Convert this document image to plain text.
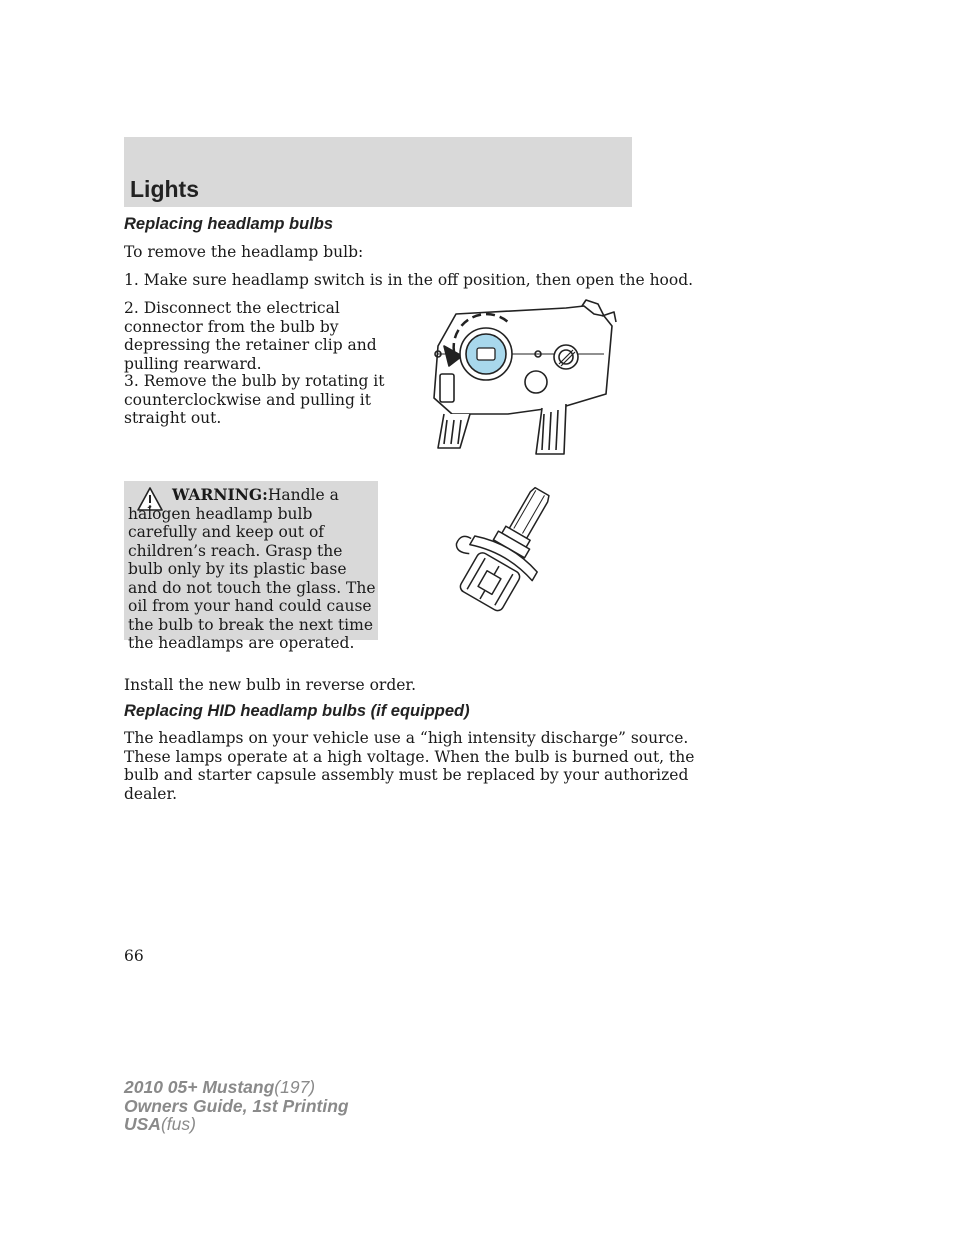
Lights
Replacing headlamp bulbs
To remove the headlamp bulb:
1. Make sure headlamp switch is in the off position, then open the hood.
2. Disconnect the electrical
connector from the bulb by
depressing the retainer clip and
pulling rearward.
3. Remove the bulb by rotating it
counterclockwise and pulling it
straight out.
WARNING:Handle a halogen headlamp bulb carefully and keep out of children’s reach. Grasp the bulb only by its plastic base and do not touch the glass. The oil from your hand could cause the bulb to break the next time the headlamps are operated.
Install the new bulb in reverse order.
Replacing HID headlamp bulbs (if equipped)
The headlamps on your vehicle use a “high intensity discharge” source.
These lamps operate at a high voltage. When the bulb is burned out, the
bulb and starter capsule assembly must be replaced by your authorized
dealer.
66
2010 05+ Mustang(197)
Owners Guide, 1st Printing
USA(fus)
